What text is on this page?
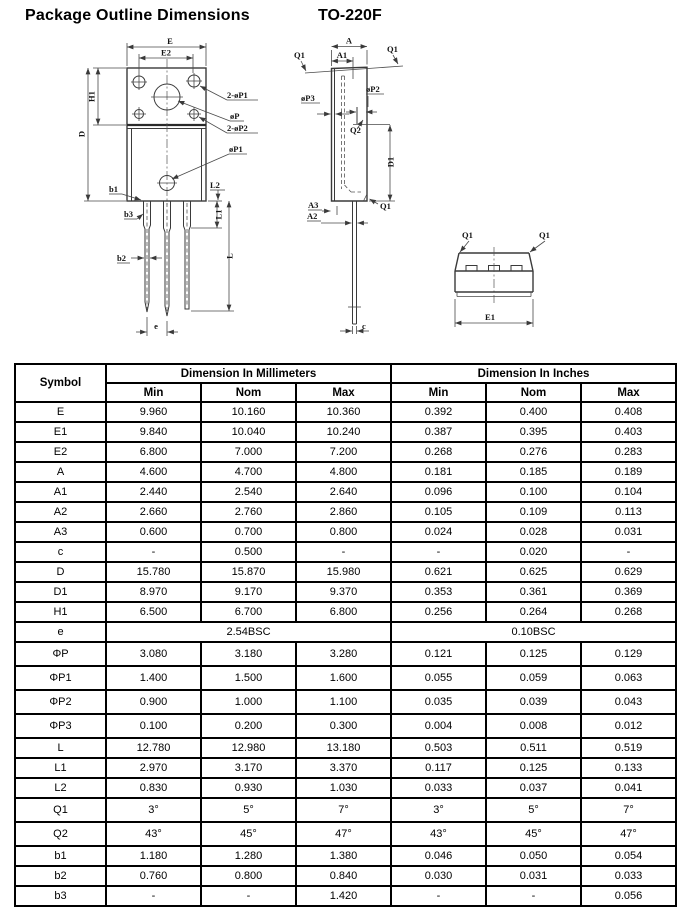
Package Outline Dimensions	TO-220F
E
E2
H1
D
2-øP1
øP
2-øP2
øP1
b1	L2
b3
b2
L1
L
e
Q1
Q1
A
A1
øP3
øP2
Q2
D1
Q1
A3
A2
c
Q1	Q1
E1
Symbol	Dimension In Millimeters			Dimension In Inches		
	Min	Nom	Max	Min	Nom	Max
E	9.960	10.160	10.360	0.392	0.400	0.408
E1	9.840	10.040	10.240	0.387	0.395	0.403
E2	6.800	7.000	7.200	0.268	0.276	0.283
A	4.600	4.700	4.800	0.181	0.185	0.189
A1	2.440	2.540	2.640	0.096	0.100	0.104
A2	2.660	2.760	2.860	0.105	0.109	0.113
A3	0.600	0.700	0.800	0.024	0.028	0.031
c	-	0.500	-	-	0.020	-
D	15.780	15.870	15.980	0.621	0.625	0.629
D1	8.970	9.170	9.370	0.353	0.361	0.369
H1	6.500	6.700	6.800	0.256	0.264	0.268
e	2.54BSC			0.10BSC		
ΦP	3.080	3.180	3.280	0.121	0.125	0.129
ΦP1	1.400	1.500	1.600	0.055	0.059	0.063
ΦP2	0.900	1.000	1.100	0.035	0.039	0.043
ΦP3	0.100	0.200	0.300	0.004	0.008	0.012
L	12.780	12.980	13.180	0.503	0.511	0.519
L1	2.970	3.170	3.370	0.117	0.125	0.133
L2	0.830	0.930	1.030	0.033	0.037	0.041
Q1	3°	5°	7°	3°	5°	7°
Q2	43°	45°	47°	43°	45°	47°
b1	1.180	1.280	1.380	0.046	0.050	0.054
b2	0.760	0.800	0.840	0.030	0.031	0.033
b3	-	-	1.420	-	-	0.056
